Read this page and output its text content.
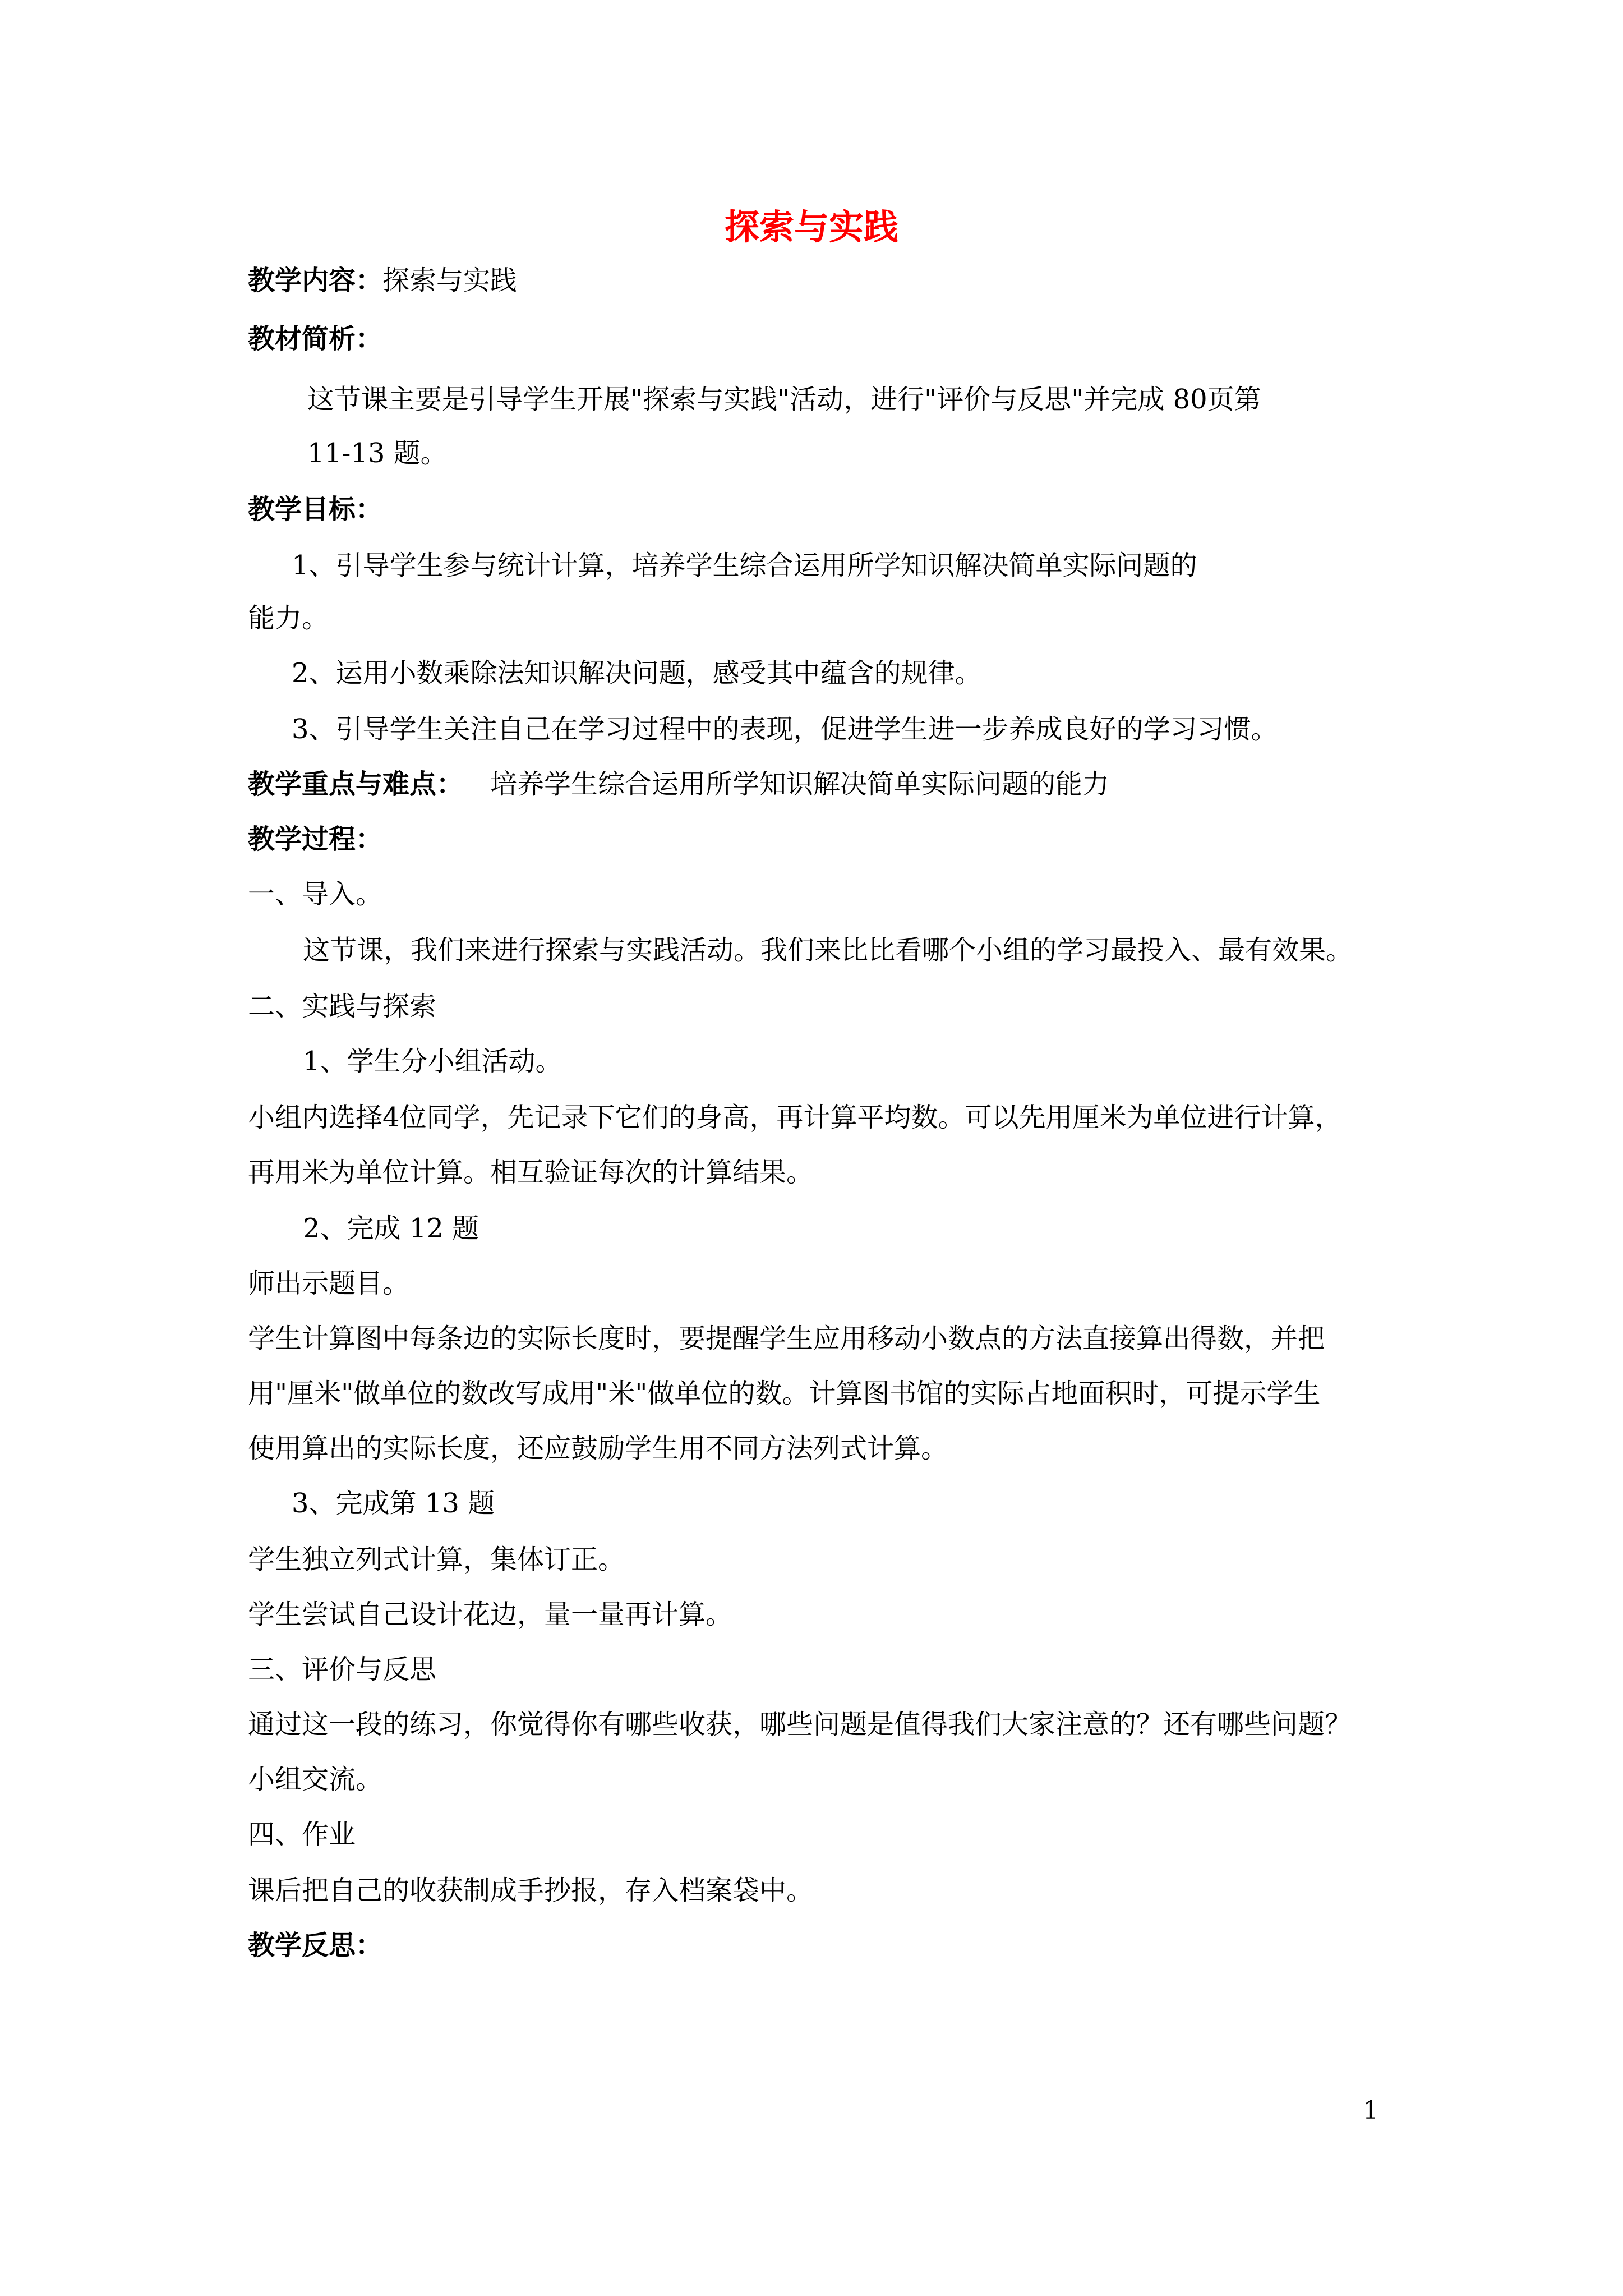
探索与实践
教学内容：探索与实践
教材简析：
这节课主要是引导学生开展"探索与实践"活动，进行"评价与反思"并完成 80页第
11-13 题。
教学目标：
1、引导学生参与统计计算，培养学生综合运用所学知识解决简单实际问题的
能力。
2、运用小数乘除法知识解决问题，感受其中蕴含的规律。
3、引导学生关注自己在学习过程中的表现，促进学生进一步养成良好的学习习惯。
教学重点与难点： 培养学生综合运用所学知识解决简单实际问题的能力
教学过程：
一、导入。
这节课，我们来进行探索与实践活动。我们来比比看哪个小组的学习最投入、最有效果。
二、实践与探索
1、学生分小组活动。
小组内选择4位同学，先记录下它们的身高，再计算平均数。可以先用厘米为单位进行计算，
再用米为单位计算。相互验证每次的计算结果。
2、完成 12 题
师出示题目。
学生计算图中每条边的实际长度时，要提醒学生应用移动小数点的方法直接算出得数，并把
用"厘米"做单位的数改写成用"米"做单位的数。计算图书馆的实际占地面积时，可提示学生
使用算出的实际长度，还应鼓励学生用不同方法列式计算。
3、完成第 13 题
学生独立列式计算，集体订正。
学生尝试自己设计花边，量一量再计算。
三、评价与反思
通过这一段的练习，你觉得你有哪些收获，哪些问题是值得我们大家注意的？还有哪些问题？
小组交流。
四、作业
课后把自己的收获制成手抄报，存入档案袋中。
教学反思：
1
